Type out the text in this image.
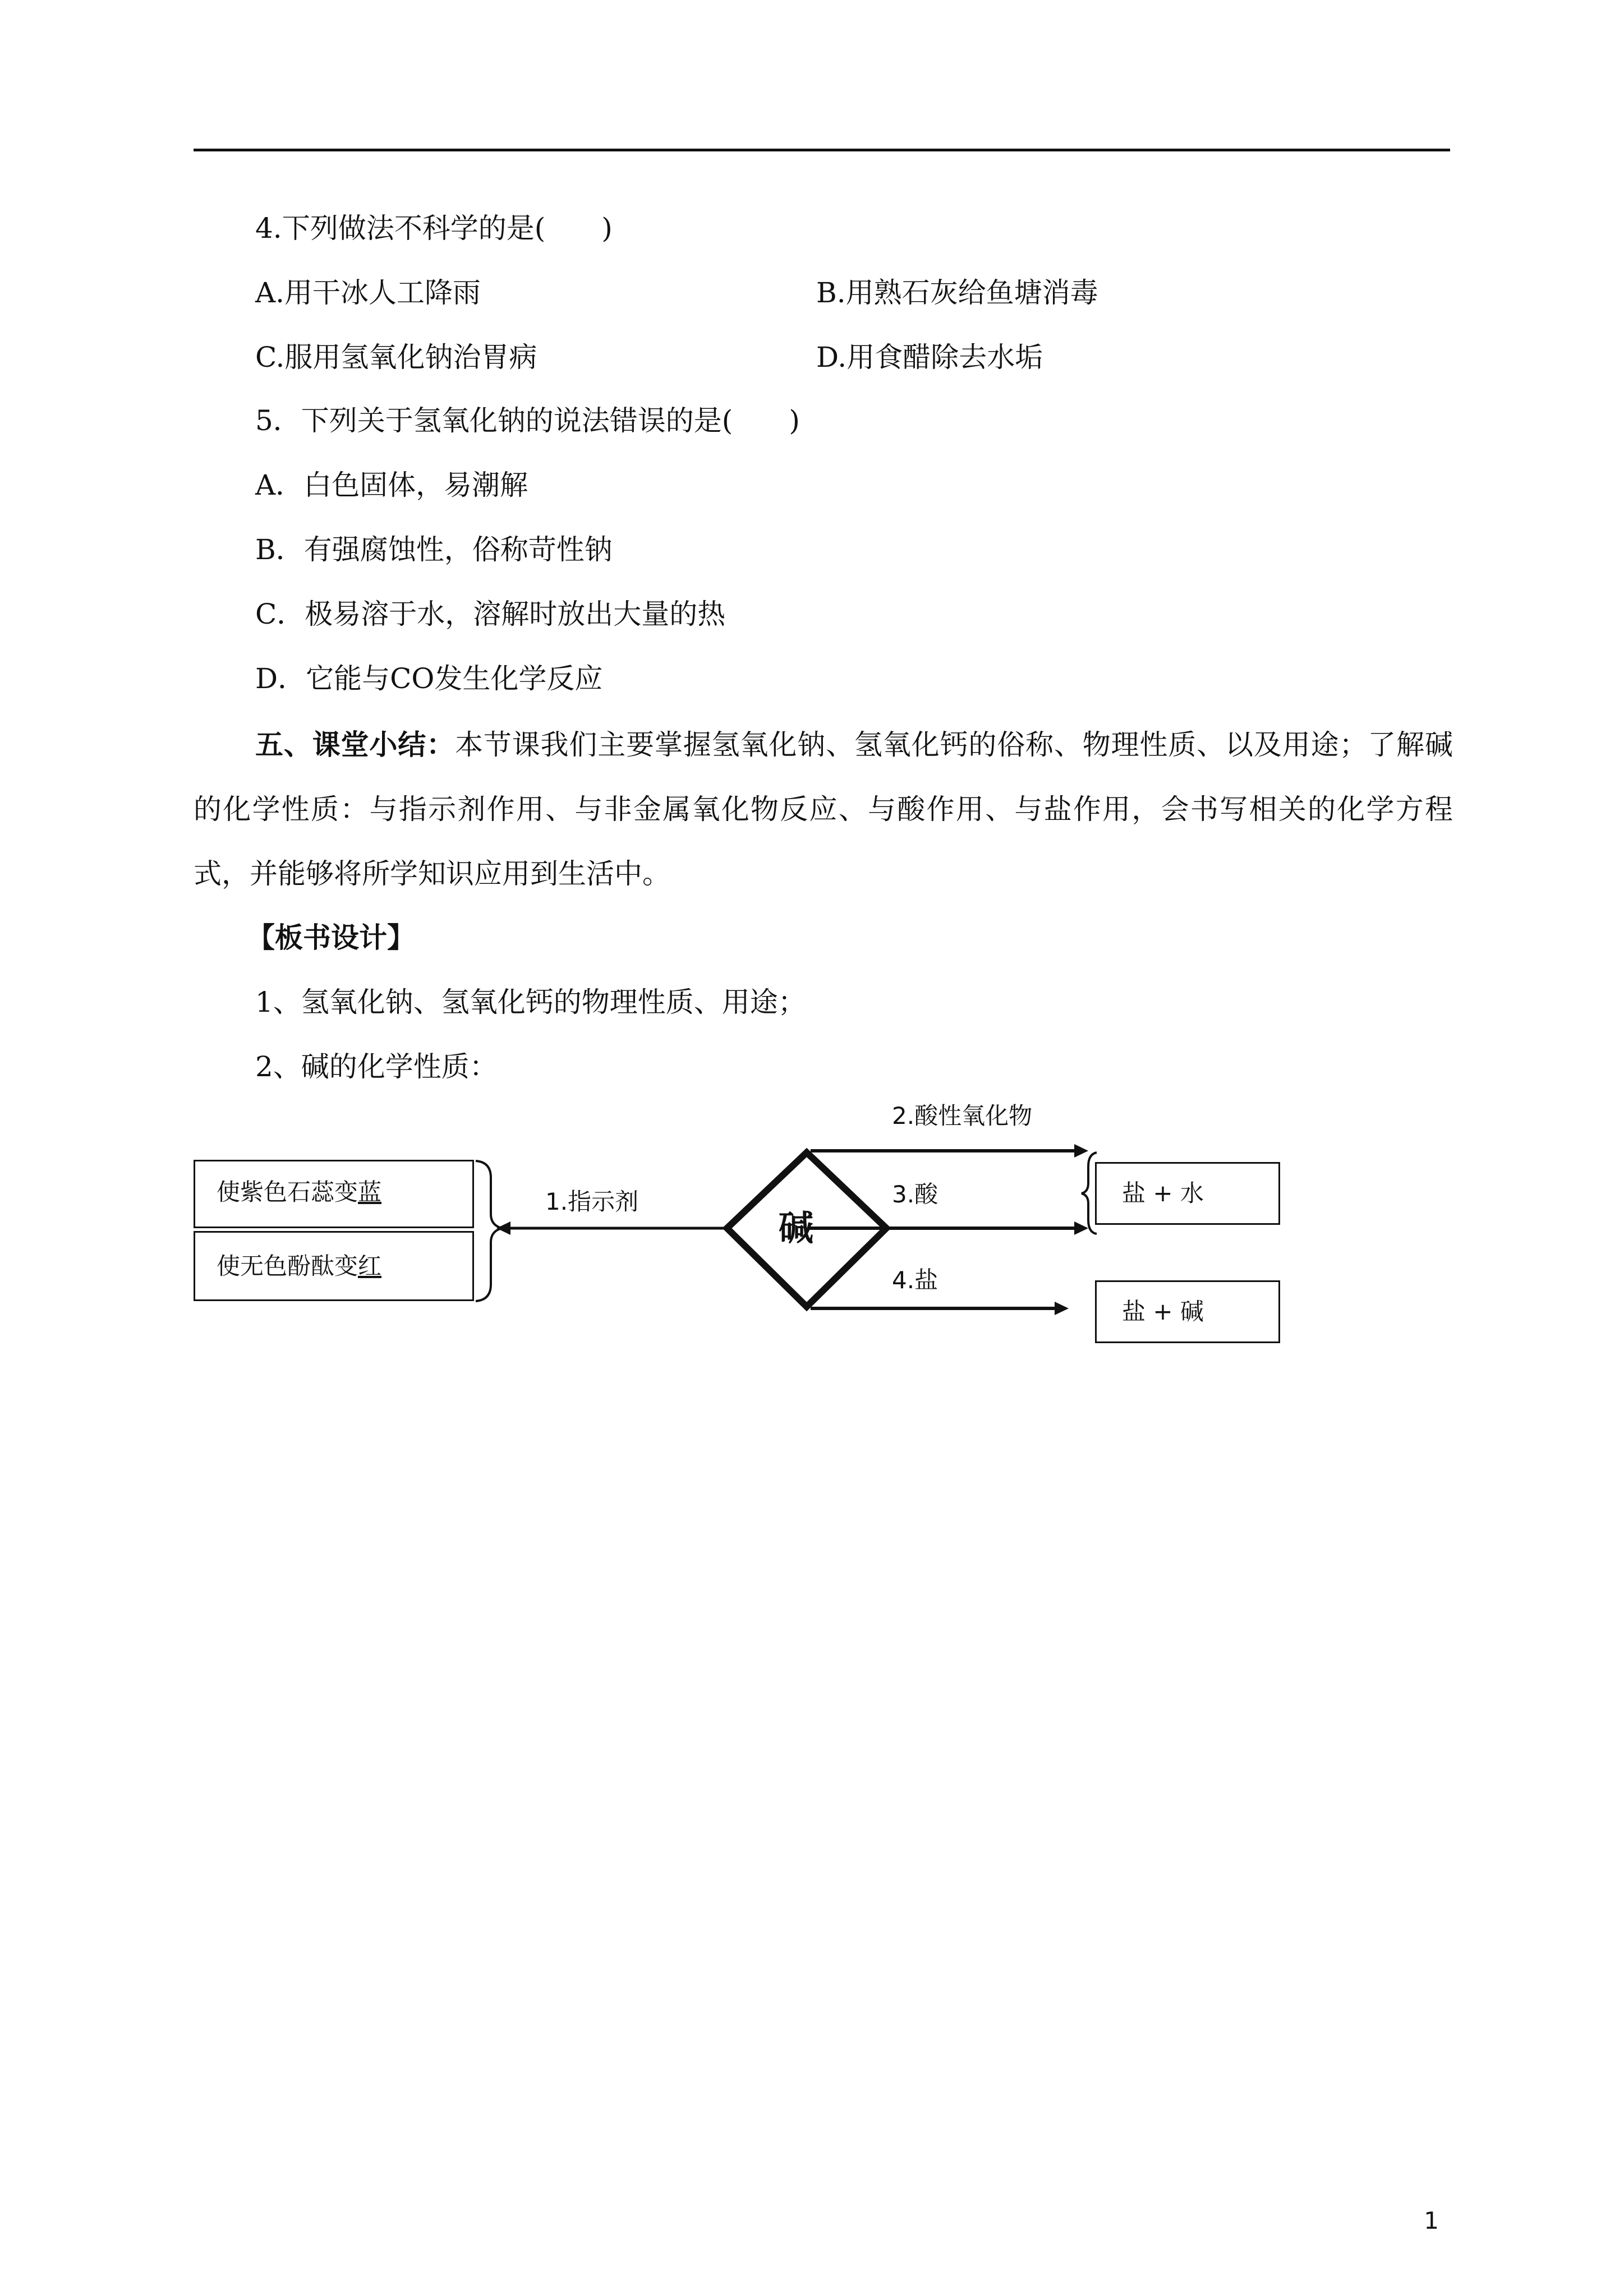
4.下列做法不科学的是(　　)
A.用干冰人工降雨	B.用熟石灰给鱼塘消毒
C.服用氢氧化钠治胃病	D.用食醋除去水垢
5．下列关于氢氧化钠的说法错误的是(　　)
A．白色固体，易潮解
B．有强腐蚀性，俗称苛性钠
C．极易溶于水，溶解时放出大量的热
D．它能与CO发生化学反应
五、课堂小结：本节课我们主要掌握氢氧化钠、氢氧化钙的俗称、物理性质、以及用途；了解碱的化学性质：与指示剂作用、与非金属氧化物反应、与酸作用、与盐作用，会书写相关的化学方程式，并能够将所学知识应用到生活中。
【板书设计】
1、氢氧化钠、氢氧化钙的物理性质、用途；
2、碱的化学性质：
碱
使紫色石蕊变蓝
使无色酚酞变红
1.指示剂
2.酸性氧化物
3.酸
4.盐
盐 + 水
盐 + 碱
1
